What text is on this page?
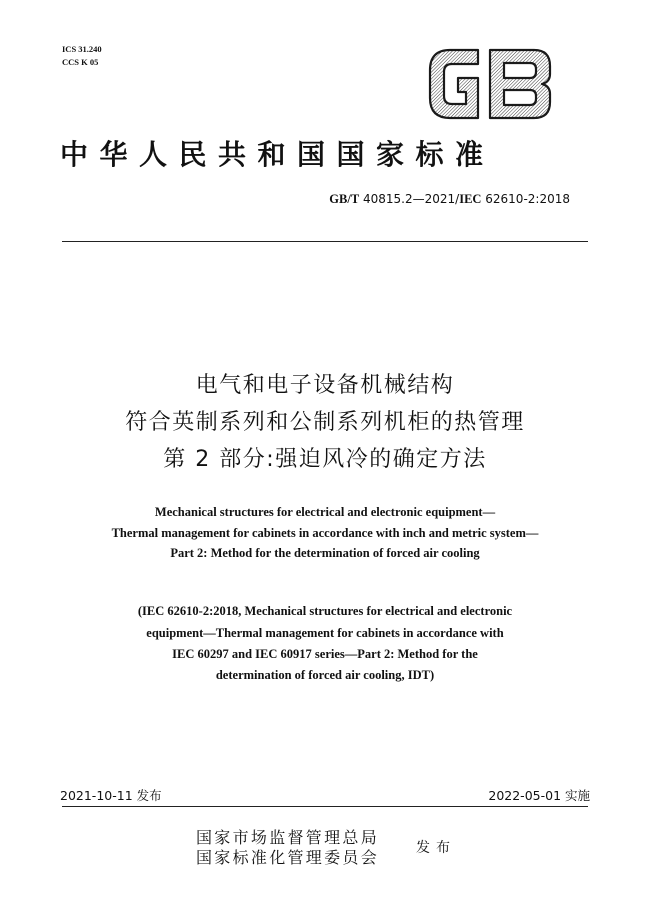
ICS 31.240
CCS K 05
中华人民共和国国家标准
GB/T 40815.2—2021/IEC 62610-2:2018
电气和电子设备机械结构
符合英制系列和公制系列机柜的热管理
第 2 部分:强迫风冷的确定方法
Mechanical structures for electrical and electronic equipment—
Thermal management for cabinets in accordance with inch and metric system—
Part 2: Method for the determination of forced air cooling
(IEC 62610-2:2018, Mechanical structures for electrical and electronic
equipment—Thermal management for cabinets in accordance with
IEC 60297 and IEC 60917 series—Part 2: Method for the
determination of forced air cooling, IDT)
2021-10-11 发布	2022-05-01 实施
国家市场监督管理总局
国家标准化管理委员会	发布
